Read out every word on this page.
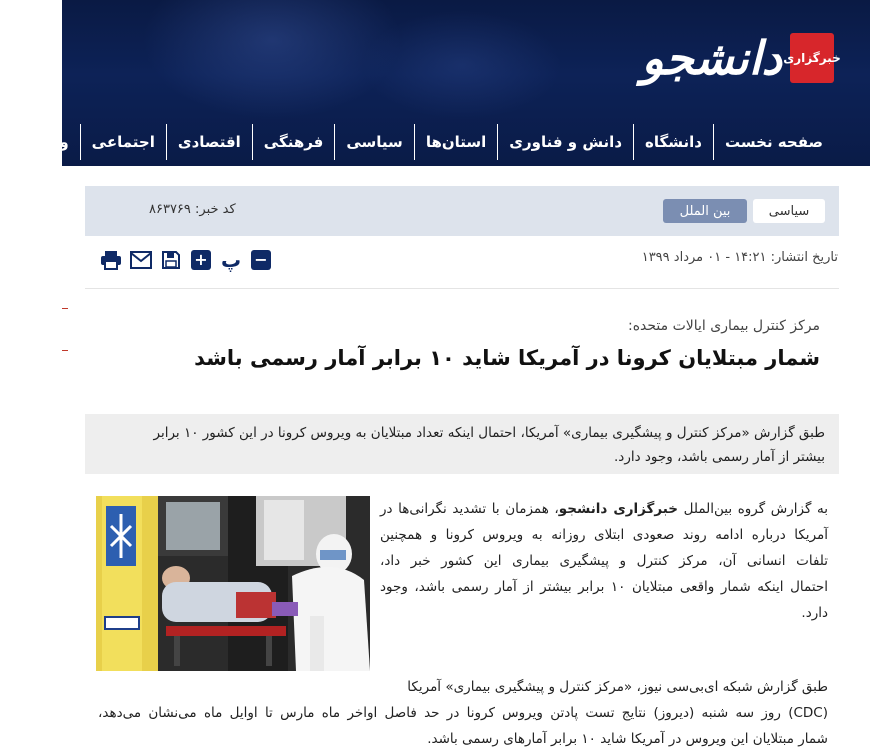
خبرگزاری
دانشجو
صفحه نخست
دانشگاه
دانش و فناوری
استان‌ها
سیاسی
فرهنگی
اقتصادی
اجتماعی
ورزشی
سیاسی
بین الملل
کد خبر: ۸۶۳۷۶۹
تاریخ انتشار: ۱۴:۲۱ - ۰۱ مرداد ۱۳۹۹
+ پ −
مرکز کنترل بیماری ایالات متحده:
شمار مبتلایان کرونا در آمریکا شاید ۱۰ برابر آمار رسمی باشد
طبق گزارش «مرکز کنترل و پیشگیری بیماری» آمریکا، احتمال اینکه تعداد مبتلایان به ویروس کرونا در این کشور ۱۰ برابر
بیشتر از آمار رسمی باشد، وجود دارد.
به گزارش گروه بین‌الملل خبرگزاری دانشجو، همزمان با تشدید نگرانی‌ها در
آمریکا درباره ادامه روند صعودی ابتلای روزانه به ویروس کرونا و همچنین
تلفات انسانی آن، مرکز کنترل و پیشگیری بیماری این کشور خبر داد،
احتمال اینکه شمار واقعی مبتلایان ۱۰ برابر بیشتر از آمار رسمی باشد، وجود
دارد.
طبق گزارش شبکه ای‌بی‌سی نیوز، «مرکز کنترل و پیشگیری بیماری» آمریکا
(CDC) روز سه شنبه (دیروز) نتایج تست پادتن ویروس کرونا در حد فاصل اواخر ماه مارس تا اوایل ماه می‌نشان می‌دهد،
شمار مبتلایان این ویروس در آمریکا شاید ۱۰ برابر آمارهای رسمی باشد.
